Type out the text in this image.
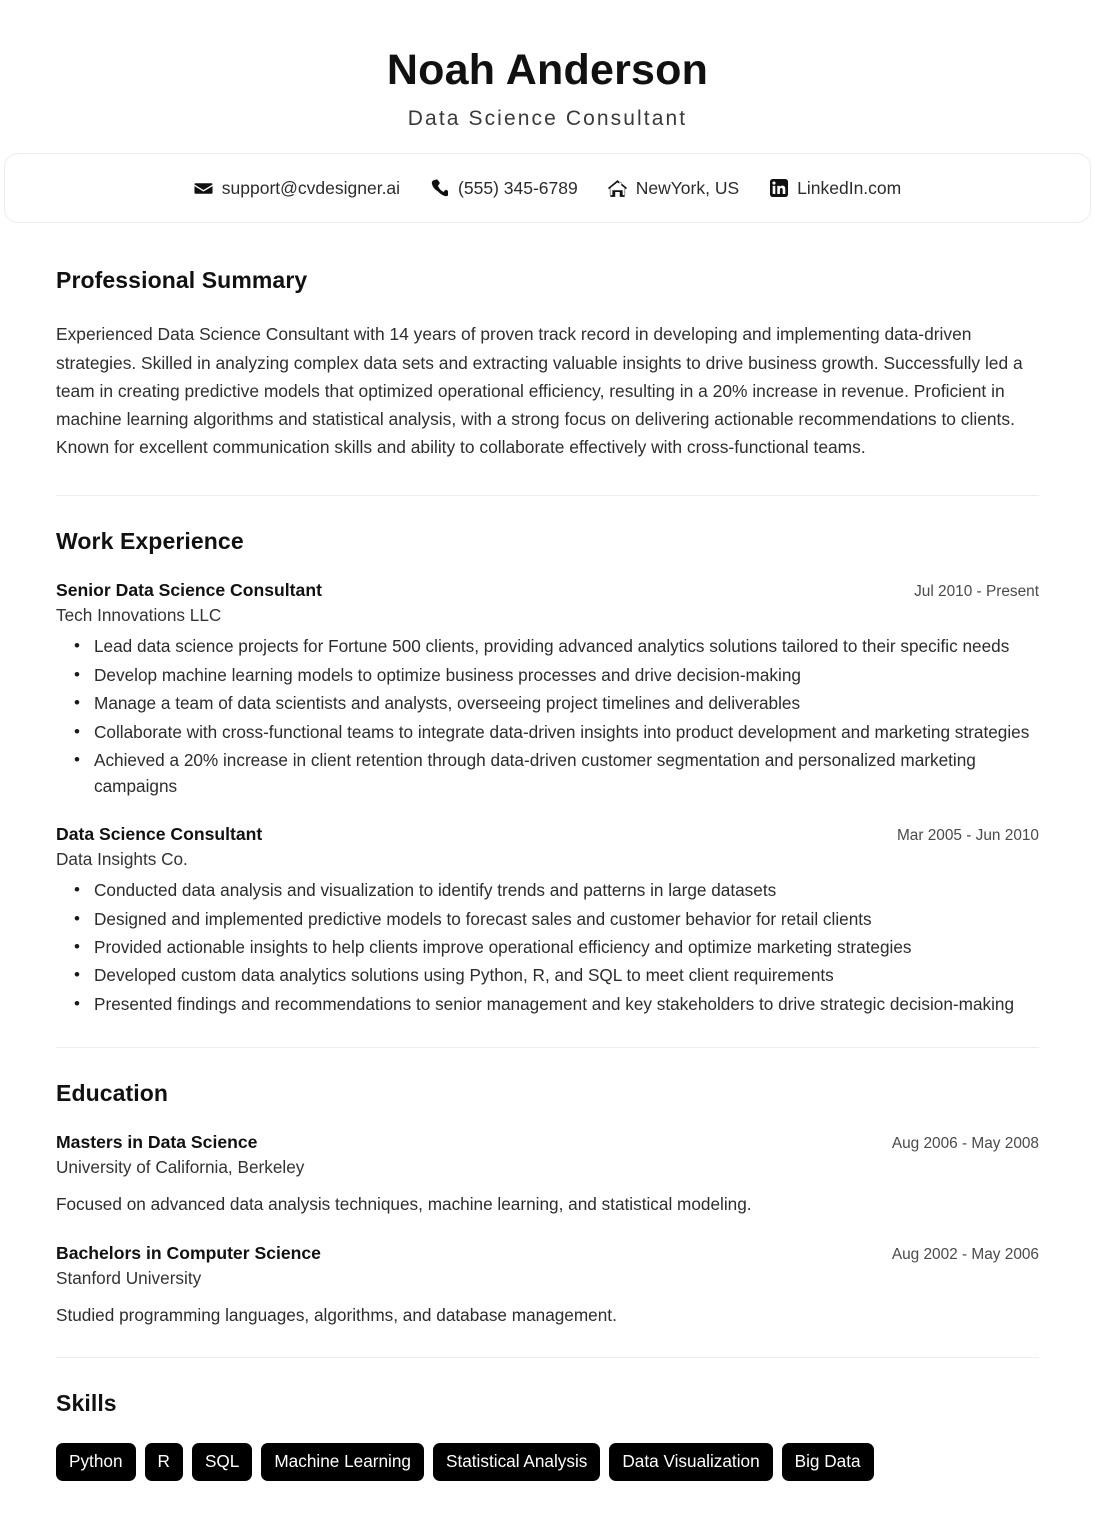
Noah Anderson
Data Science Consultant
support@cvdesigner.ai	(555) 345-6789	NewYork, US	LinkedIn.com
Professional Summary

Experienced Data Science Consultant with 14 years of proven track record in developing and implementing data-driven strategies. Skilled in analyzing complex data sets and extracting valuable insights to drive business growth. Successfully led a team in creating predictive models that optimized operational efficiency, resulting in a 20% increase in revenue. Proficient in machine learning algorithms and statistical analysis, with a strong focus on delivering actionable recommendations to clients. Known for excellent communication skills and ability to collaborate effectively with cross-functional teams.

Work Experience
Senior Data Science Consultant	Jul 2010 - Present
Tech Innovations LLC
• Lead data science projects for Fortune 500 clients, providing advanced analytics solutions tailored to their specific needs
• Develop machine learning models to optimize business processes and drive decision-making
• Manage a team of data scientists and analysts, overseeing project timelines and deliverables
• Collaborate with cross-functional teams to integrate data-driven insights into product development and marketing strategies
• Achieved a 20% increase in client retention through data-driven customer segmentation and personalized marketing campaigns
Data Science Consultant	Mar 2005 - Jun 2010
Data Insights Co.
• Conducted data analysis and visualization to identify trends and patterns in large datasets
• Designed and implemented predictive models to forecast sales and customer behavior for retail clients
• Provided actionable insights to help clients improve operational efficiency and optimize marketing strategies
• Developed custom data analytics solutions using Python, R, and SQL to meet client requirements
• Presented findings and recommendations to senior management and key stakeholders to drive strategic decision-making
Education
Masters in Data Science	Aug 2006 - May 2008
University of California, Berkeley
Focused on advanced data analysis techniques, machine learning, and statistical modeling.
Bachelors in Computer Science	Aug 2002 - May 2006
Stanford University
Studied programming languages, algorithms, and database management.
Skills
Python	R	SQL	Machine Learning	Statistical Analysis	Data Visualization	Big Data
